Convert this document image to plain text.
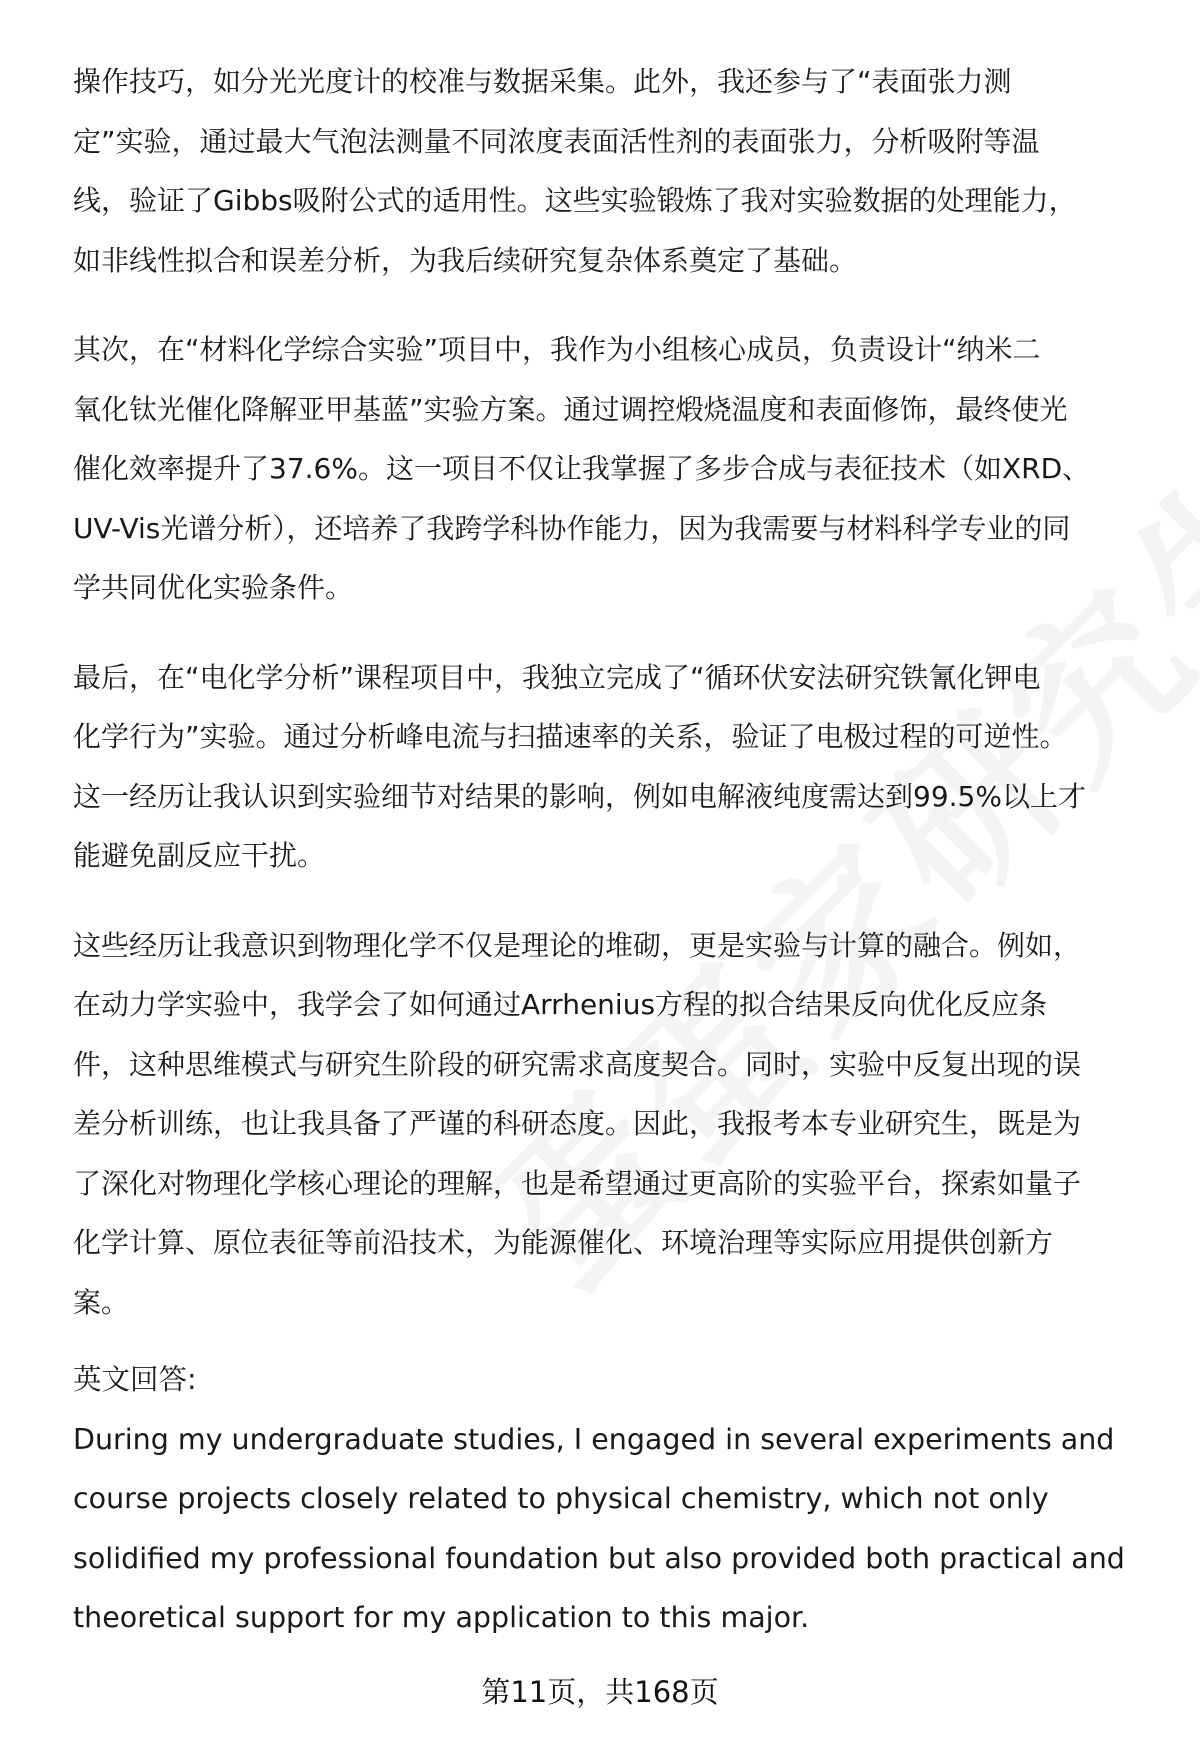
操作技巧，如分光光度计的校准与数据采集。此外，我还参与了“表面张力测
定”实验，通过最大气泡法测量不同浓度表面活性剂的表面张力，分析吸附等温
线，验证了Gibbs吸附公式的适用性。这些实验锻炼了我对实验数据的处理能力，
如非线性拟合和误差分析，为我后续研究复杂体系奠定了基础。
其次，在“材料化学综合实验”项目中，我作为小组核心成员，负责设计“纳米二
氧化钛光催化降解亚甲基蓝”实验方案。通过调控煅烧温度和表面修饰，最终使光
催化效率提升了37.6%。这一项目不仅让我掌握了多步合成与表征技术（如XRD、
UV-Vis光谱分析），还培养了我跨学科协作能力，因为我需要与材料科学专业的同
学共同优化实验条件。
最后，在“电化学分析”课程项目中，我独立完成了“循环伏安法研究铁氰化钾电
化学行为”实验。通过分析峰电流与扫描速率的关系，验证了电极过程的可逆性。
这一经历让我认识到实验细节对结果的影响，例如电解液纯度需达到99.5%以上才
能避免副反应干扰。
这些经历让我意识到物理化学不仅是理论的堆砌，更是实验与计算的融合。例如，
在动力学实验中，我学会了如何通过Arrhenius方程的拟合结果反向优化反应条
件，这种思维模式与研究生阶段的研究需求高度契合。同时，实验中反复出现的误
差分析训练，也让我具备了严谨的科研态度。因此，我报考本专业研究生，既是为
了深化对物理化学核心理论的理解，也是希望通过更高阶的实验平台，探索如量子
化学计算、原位表征等前沿技术，为能源催化、环境治理等实际应用提供创新方
案。
英文回答:
During my undergraduate studies, I engaged in several experiments and
course projects closely related to physical chemistry, which not only
solidified my professional foundation but also provided both practical and
theoretical support for my application to this major.
第11页，共168页
